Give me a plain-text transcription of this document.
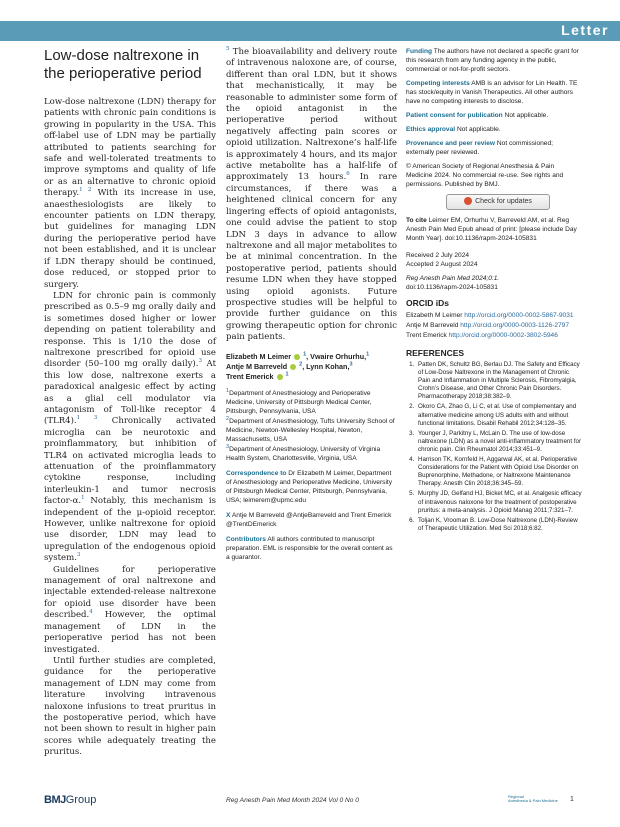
Letter
Low-dose naltrexone in the perioperative period

Low-dose naltrexone (LDN) therapy for patients with chronic pain conditions is growing in popularity in the USA. This off-label use of LDN may be partially attributed to patients searching for safe and well-tolerated treatments to improve symptoms and quality of life or as an alternative to chronic opioid therapy.$^{1 2}$ With its increase in use, anaesthesiologists are likely to encounter patients on LDN therapy, but guidelines for managing LDN during the perioperative period have not been established, and it is unclear if LDN therapy should be continued, dose reduced, or stopped prior to surgery.

LDN for chronic pain is commonly prescribed as 0.5–9 mg orally daily and is sometimes dosed higher or lower depending on patient tolerability and response. This is 1/10 the dose of naltrexone prescribed for opioid use disorder (50–100 mg orally daily).$^3$ At this low dose, naltrexone exerts a paradoxical analgesic effect by acting as a glial cell modulator via antagonism of Toll-like receptor 4 (TLR4).$^{1 3}$ Chronically activated microglia can be neurotoxic and proinflammatory, but inhibition of TLR4 on activated microglia leads to attenuation of the proinflammatory cytokine response, including interleukin-1 and tumor necrosis factor-α.$^1$ Notably, this mechanism is independent of the μ-opioid receptor. However, unlike naltrexone for opioid use disorder, LDN may lead to upregulation of the endogenous opioid system.$^3$

Guidelines for perioperative management of oral naltrexone and injectable extended-release naltrexone for opioid use disorder have been described.$^4$ However, the optimal management of LDN in the perioperative period has not been investigated.

Until further studies are completed, guidance for the perioperative management of LDN may come from literature involving intravenous naloxone infusions to treat pruritus in the postoperative period, which have not been shown to result in higher pain scores while adequately treating the pruritus.

$^5$ The bioavailability and delivery route of intravenous naloxone are, of course, different than oral LDN, but it shows that mechanistically, it may be reasonable to administer some form of the opioid antagonist in the perioperative period without negatively affecting pain scores or opioid utilization. Naltrexone’s half-life is approximately 4 hours, and its major active metabolite has a half-life of approximately 13 hours.$^6$ In rare circumstances, if there was a heightened clinical concern for any lingering effects of opioid antagonists, one could advise the patient to stop LDN 3 days in advance to allow naltrexone and all major metabolites to be at minimal concentration. In the postoperative period, patients should resume LDN when they have stopped using opioid agonists. Future prospective studies will be helpful to provide further guidance on this growing therapeutic option for chronic pain patients.

Elizabeth M Leimer $^1$, Vwaire Orhurhu,$^1$
Antje M Barreveld $^2$, Lynn Kohan,$^3$
Trent Emerick $^1$

$^1$Department of Anesthesiology and Perioperative Medicine, University of Pittsburgh Medical Center, Pittsburgh, Pennsylvania, USA

$^2$Department of Anesthesiology, Tufts University School of Medicine, Newton-Wellesley Hospital, Newton, Massachusetts, USA

$^3$Department of Anesthesiology, University of Virginia Health System, Charlottesville, Virginia, USA

Correspondence to Dr Elizabeth M Leimer, Department of Anesthesiology and Perioperative Medicine, University of Pittsburgh Medical Center, Pittsburgh, Pennsylvania, USA; leimerem@upmc.edu

X Antje M Barreveld @AntjeBarreveld and Trent Emerick @TrentDEmerick

Contributors All authors contributed to manuscript preparation. EML is responsible for the overall content as a guarantor.

Funding The authors have not declared a specific grant for this research from any funding agency in the public, commercial or not-for-profit sectors.

Competing interests AMB is an advisor for Lin Health. TE has stock/equity in Vanish Therapeutics. All other authors have no competing interests to disclose.

Patient consent for publication Not applicable.

Ethics approval Not applicable.

Provenance and peer review Not commissioned; externally peer reviewed.

© American Society of Regional Anesthesia & Pain Medicine 2024. No commercial re-use. See rights and permissions. Published by BMJ.

Check for updates

To cite Leimer EM, Orhurhu V, Barreveld AM, et al. Reg Anesth Pain Med Epub ahead of print: [please include Day Month Year]. doi:10.1136/rapm-2024-105831

Received 2 July 2024

Accepted 2 August 2024

Reg Anesth Pain Med 2024;0:1.

doi:10.1136/rapm-2024-105831

ORCID iDs

Elizabeth M Leimer http://orcid.org/0000-0002-5867-9031

Antje M Barreveld http://orcid.org/0000-0003-1126-2797

Trent Emerick http://orcid.org/0000-0002-3802-5946

REFERENCES

1. Patten DK, Schultz BG, Berlau DJ. The Safety and Efficacy of Low-Dose Naltrexone in the Management of Chronic Pain and Inflammation in Multiple Sclerosis, Fibromyalgia, Crohn’s Disease, and Other Chronic Pain Disorders. Pharmacotherapy 2018;38:382–9.
2. Okoro CA, Zhao G, Li C, et al. Use of complementary and alternative medicine among US adults with and without functional limitations. Disabil Rehabil 2012;34:128–35.
3. Younger J, Parkitny L, McLain D. The use of low-dose naltrexone (LDN) as a novel anti-inflammatory treatment for chronic pain. Clin Rheumatol 2014;33:451–9.
4. Harrison TK, Kornfeld H, Aggarwal AK, et al. Perioperative Considerations for the Patient with Opioid Use Disorder on Buprenorphine, Methadone, or Naltrexone Maintenance Therapy. Anesth Clin 2018;36:345–59.
5. Murphy JD, Gelfand HJ, Bicket MC, et al. Analgesic efficacy of intravenous naloxone for the treatment of postoperative pruritus: a meta-analysis. J Opioid Manag 2011;7:321–7.
6. Toljan K, Vrooman B. Low-Dose Naltrexone (LDN)-Review of Therapeutic Utilization. Med Sci 2018;6:82.
BMJGroup	Reg Anesth Pain Med Month 2024 Vol 0 No 0
Regional
Anesthesia & Pain Medicine 1
